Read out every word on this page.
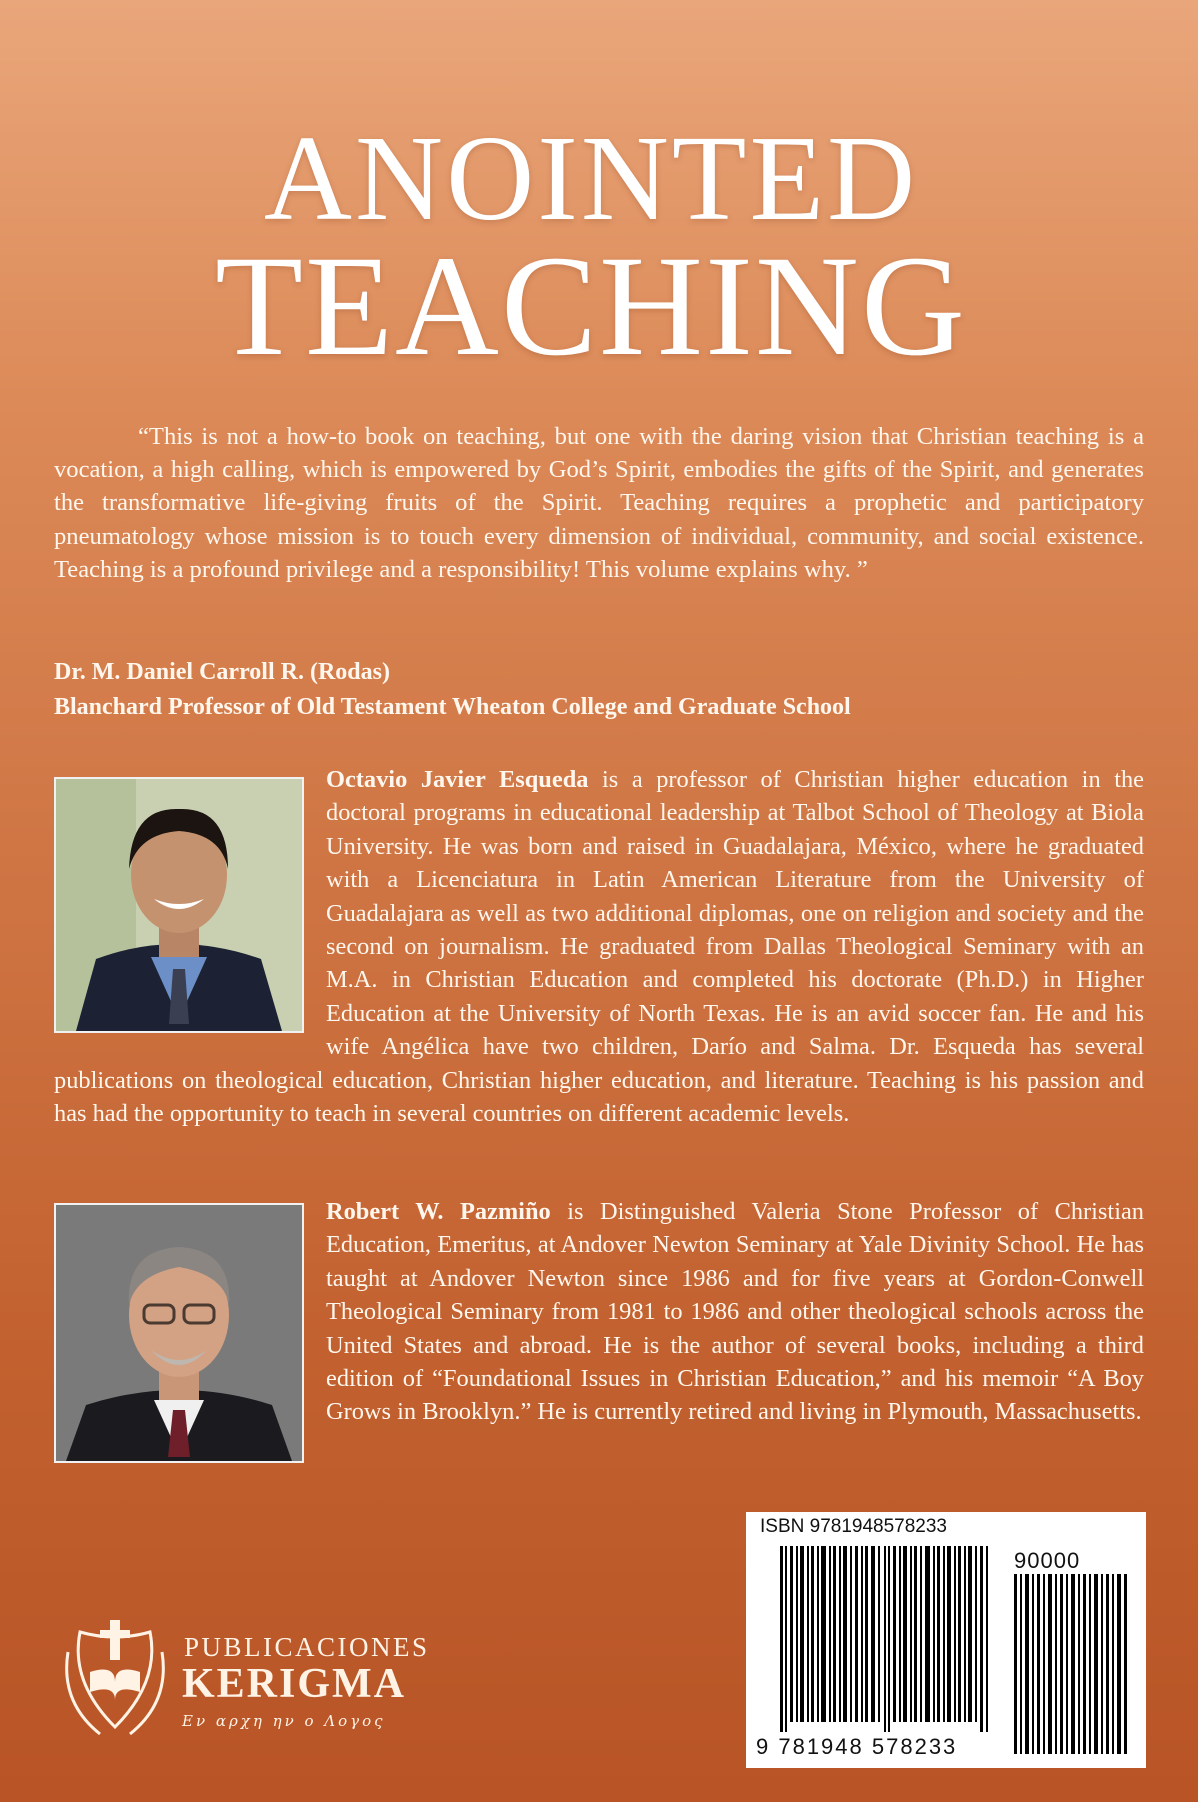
ANOINTED
TEACHING

“This is not a how-to book on teaching, but one with the daring vision that Christian teaching is a vocation, a high calling, which is empowered by God’s Spirit, embodies the gifts of the Spirit, and generates the transformative life-giving fruits of the Spirit. Teaching requires a prophetic and participatory pneumatology whose mission is to touch every dimension of individual, community, and social existence. Teaching is a profound privilege and a responsibility! This volume explains why. ”

Dr. M. Daniel Carroll R. (Rodas)
Blanchard Professor of Old Testament Wheaton College and Graduate School

Octavio Javier Esqueda is a professor of Christian higher education in the doctoral programs in educational leadership at Talbot School of Theology at Biola University. He was born and raised in Guadalajara, México, where he graduated with a Licenciatura in Latin American Literature from the University of Guadalajara as well as two additional diplomas, one on religion and society and the second on journalism. He graduated from Dallas Theological Seminary with an M.A. in Christian Education and completed his doctorate (Ph.D.) in Higher Education at the University of North Texas. He is an avid soccer fan. He and his wife Angélica have two children, Darío and Salma. Dr. Esqueda has several publications on theological education, Christian higher education, and literature. Teaching is his passion and has had the opportunity to teach in several countries on different academic levels.

Robert W. Pazmiño is Distinguished Valeria Stone Professor of Christian Education, Emeritus, at Andover Newton Seminary at Yale Divinity School. He has taught at Andover Newton since 1986 and for five years at Gordon-Conwell Theological Seminary from 1981 to 1986 and other theological schools across the United States and abroad. He is the author of several books, including a third edition of “Foundational Issues in Christian Education,” and his memoir “A Boy Grows in Brooklyn.” He is currently retired and living in Plymouth, Massachusetts.

ISBN 9781948578233
90000
9 781948 578233
PUBLICACIONES
KERIGMA
Εν αρχη ην ο Λογος
